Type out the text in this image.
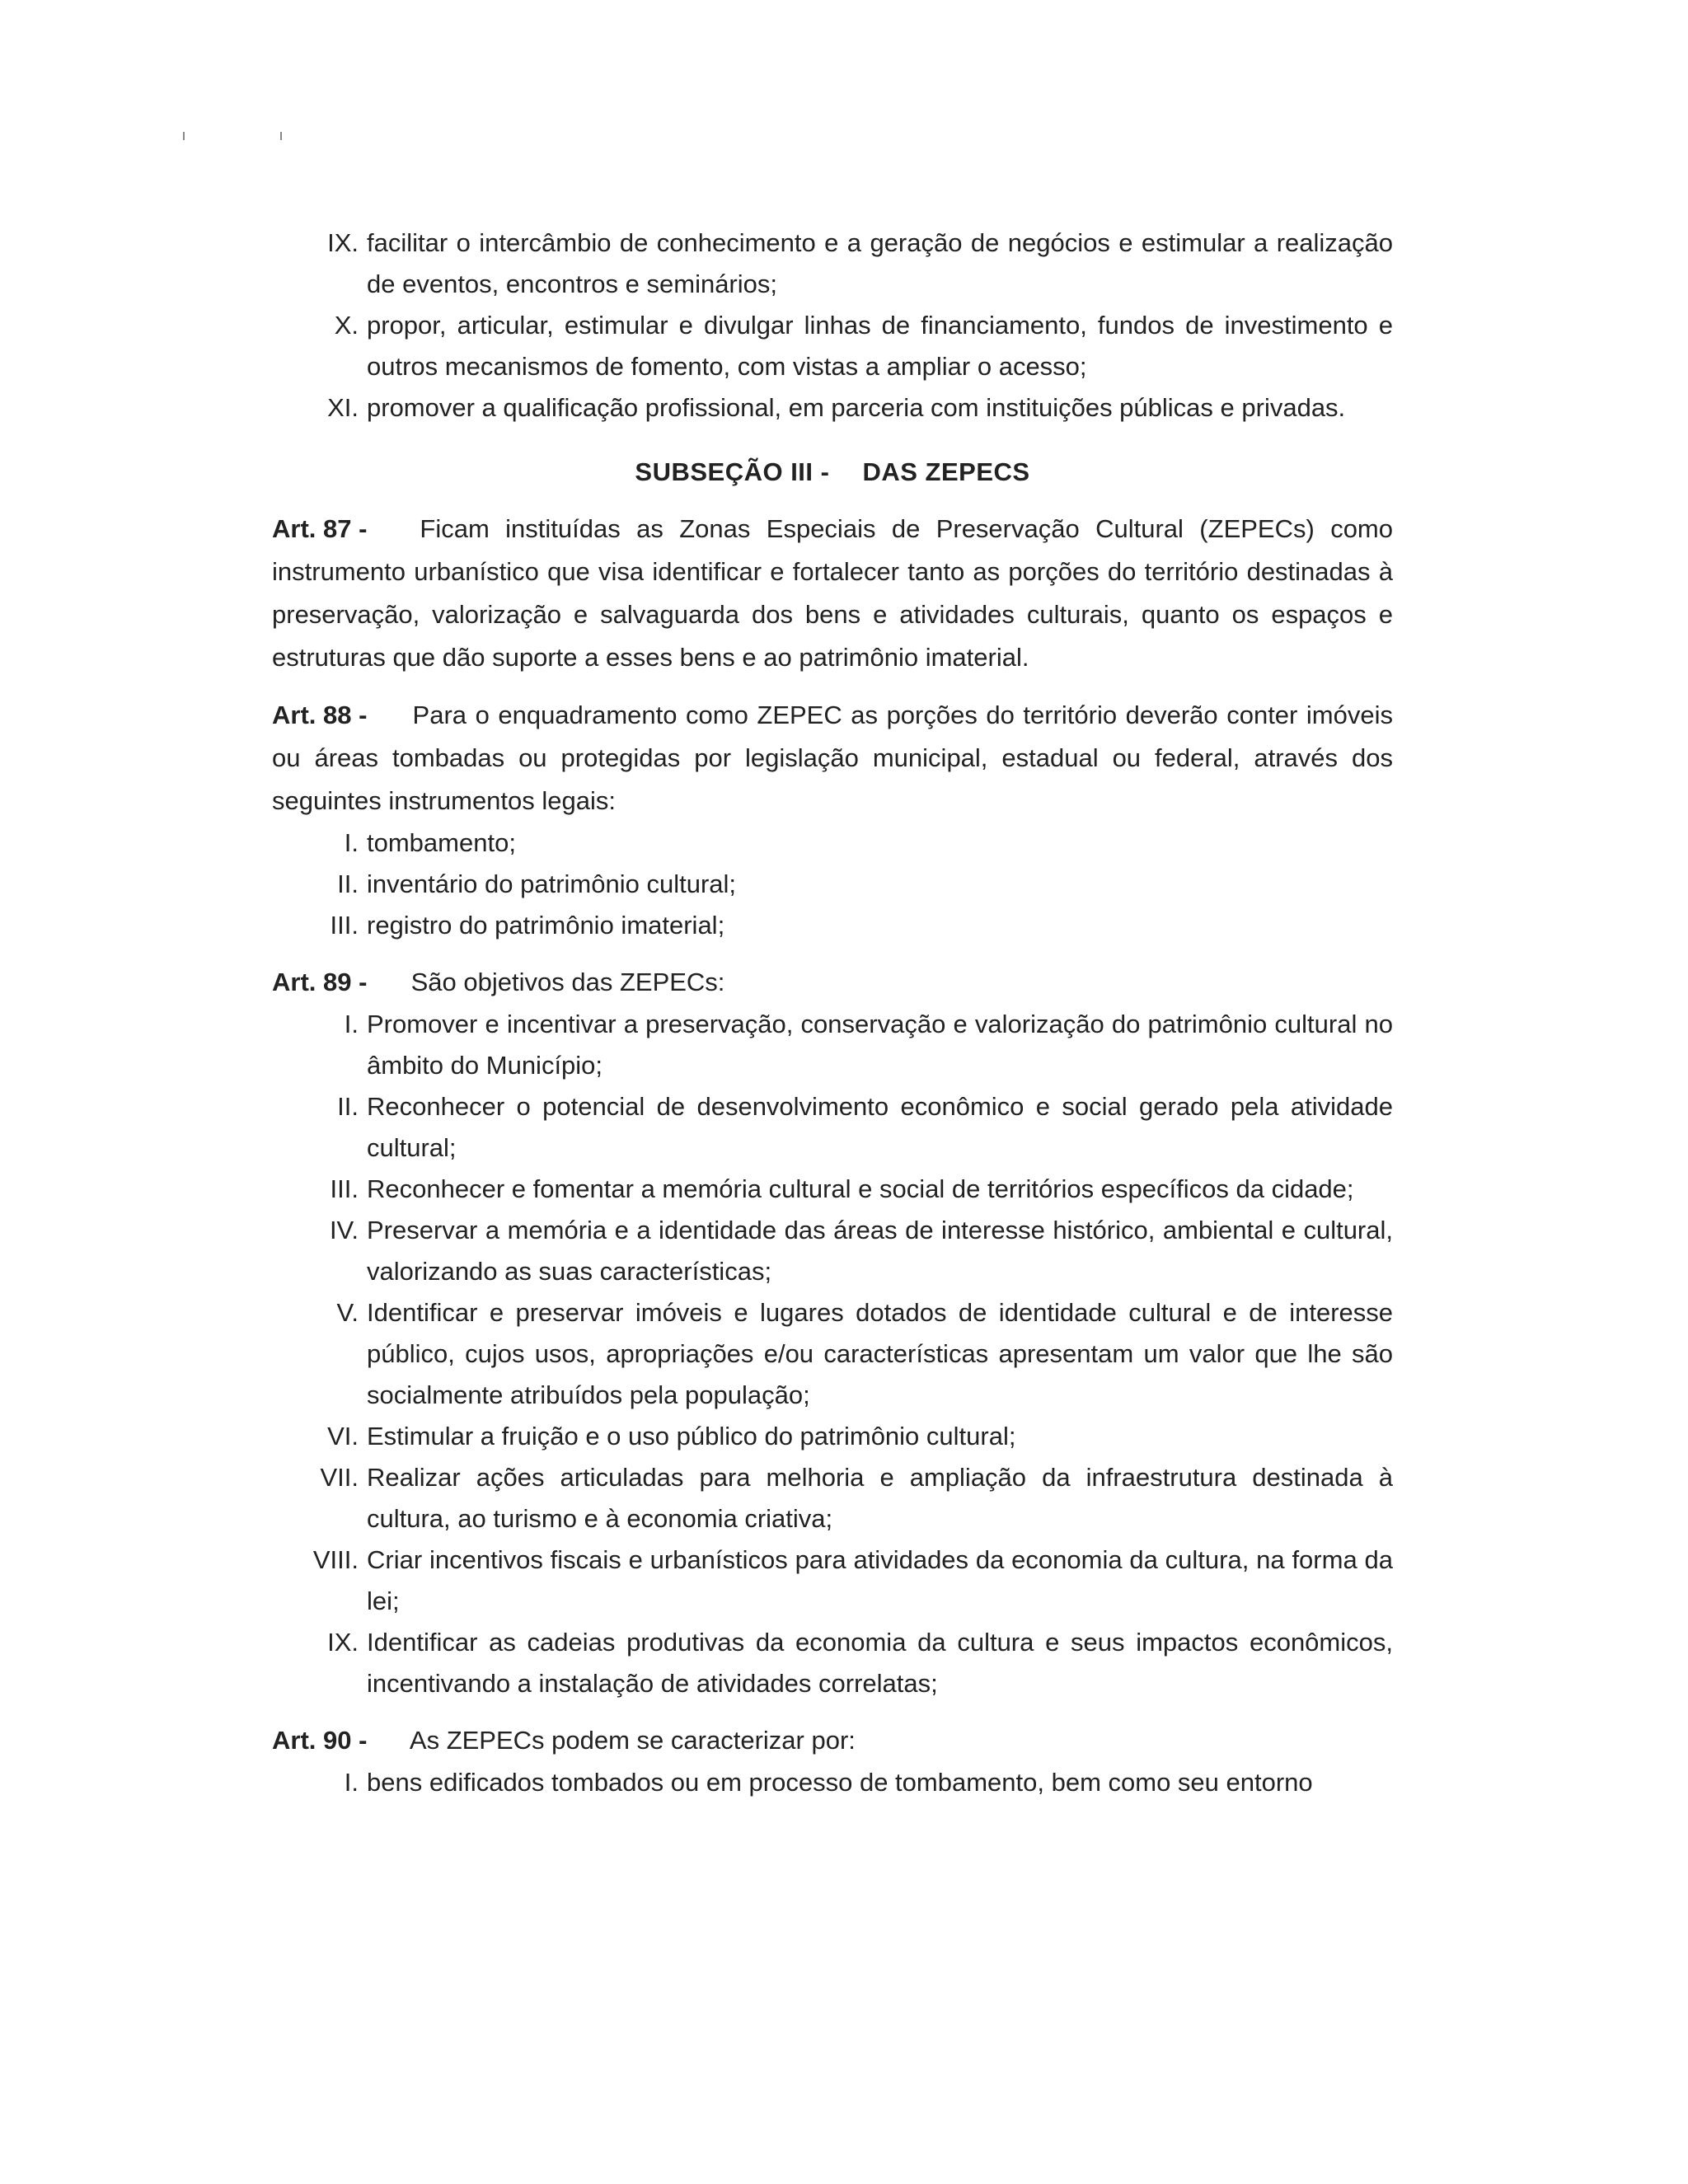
IX. facilitar o intercâmbio de conhecimento e a geração de negócios e estimular a realização de eventos, encontros e seminários;
X. propor, articular, estimular e divulgar linhas de financiamento, fundos de investimento e outros mecanismos de fomento, com vistas a ampliar o acesso;
XI. promover a qualificação profissional, em parceria com instituições públicas e privadas.
SUBSEÇÃO III - DAS ZEPECS
Art. 87 - Ficam instituídas as Zonas Especiais de Preservação Cultural (ZEPECs) como instrumento urbanístico que visa identificar e fortalecer tanto as porções do território destinadas à preservação, valorização e salvaguarda dos bens e atividades culturais, quanto os espaços e estruturas que dão suporte a esses bens e ao patrimônio imaterial.
Art. 88 - Para o enquadramento como ZEPEC as porções do território deverão conter imóveis ou áreas tombadas ou protegidas por legislação municipal, estadual ou federal, através dos seguintes instrumentos legais:
I. tombamento;
II. inventário do patrimônio cultural;
III. registro do patrimônio imaterial;
Art. 89 - São objetivos das ZEPECs:
I. Promover e incentivar a preservação, conservação e valorização do patrimônio cultural no âmbito do Município;
II. Reconhecer o potencial de desenvolvimento econômico e social gerado pela atividade cultural;
III. Reconhecer e fomentar a memória cultural e social de territórios específicos da cidade;
IV. Preservar a memória e a identidade das áreas de interesse histórico, ambiental e cultural, valorizando as suas características;
V. Identificar e preservar imóveis e lugares dotados de identidade cultural e de interesse público, cujos usos, apropriações e/ou características apresentam um valor que lhe são socialmente atribuídos pela população;
VI. Estimular a fruição e o uso público do patrimônio cultural;
VII. Realizar ações articuladas para melhoria e ampliação da infraestrutura destinada à cultura, ao turismo e à economia criativa;
VIII. Criar incentivos fiscais e urbanísticos para atividades da economia da cultura, na forma da lei;
IX. Identificar as cadeias produtivas da economia da cultura e seus impactos econômicos, incentivando a instalação de atividades correlatas;
Art. 90 - As ZEPECs podem se caracterizar por:
I. bens edificados tombados ou em processo de tombamento, bem como seu entorno
